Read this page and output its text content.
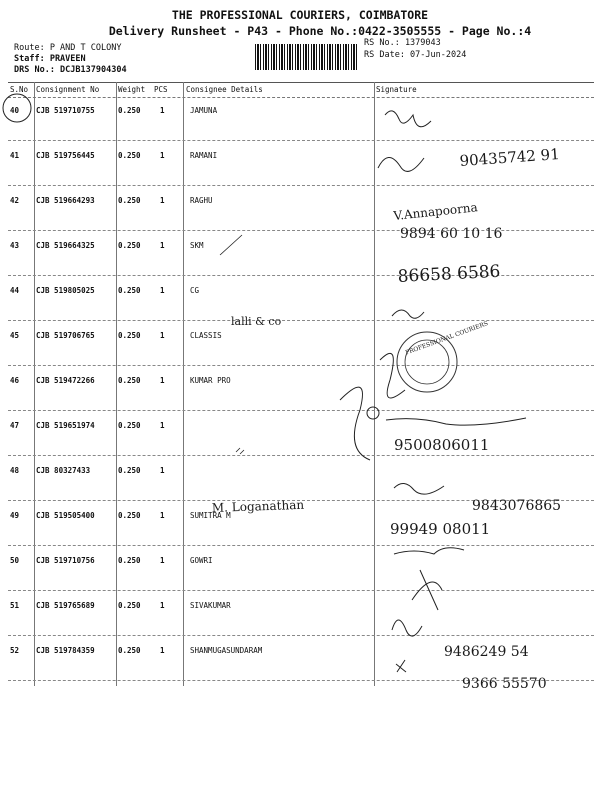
THE PROFESSIONAL COURIERS, COIMBATORE
Delivery Runsheet - P43 - Phone No.:0422-3505555 - Page No.:4
Route: P AND T COLONY
Staff: PRAVEEN
DRS No.: DCJB137904304
RS No.: 1379043
RS Date: 07-Jun-2024
S.No Consignment No	Weight PCS Consignee Details	Signature
40 CJB 519710755	0.250	1	JAMUNA
41 CJB 519756445	0.250	1	RAMANI
42 CJB 519664293	0.250	1	RAGHU
43 CJB 519664325	0.250	1	SKM
44 CJB 519805025	0.250	1	CG
45 CJB 519706765	0.250	1	CLASSIS
46 CJB 519472266	0.250	1	KUMAR PRO
47 CJB 519651974	0.250	1
48 CJB 80327433	0.250	1
49 CJB 519505400	0.250	1	SUMITRA M
50 CJB 519710756	0.250	1	GOWRI
51 CJB 519765689	0.250	1	SIVAKUMAR
52 CJB 519784359	0.250	1	SHANMUGASUNDARAM
90435742 91
V.Annapoorna
9894 60 10 16
86658 6586
lalli & co	PROFESSIONAL COURIERS
9500806011
M. Loganathan	9843076865
99949 08011
9486249 54
9366 55570
